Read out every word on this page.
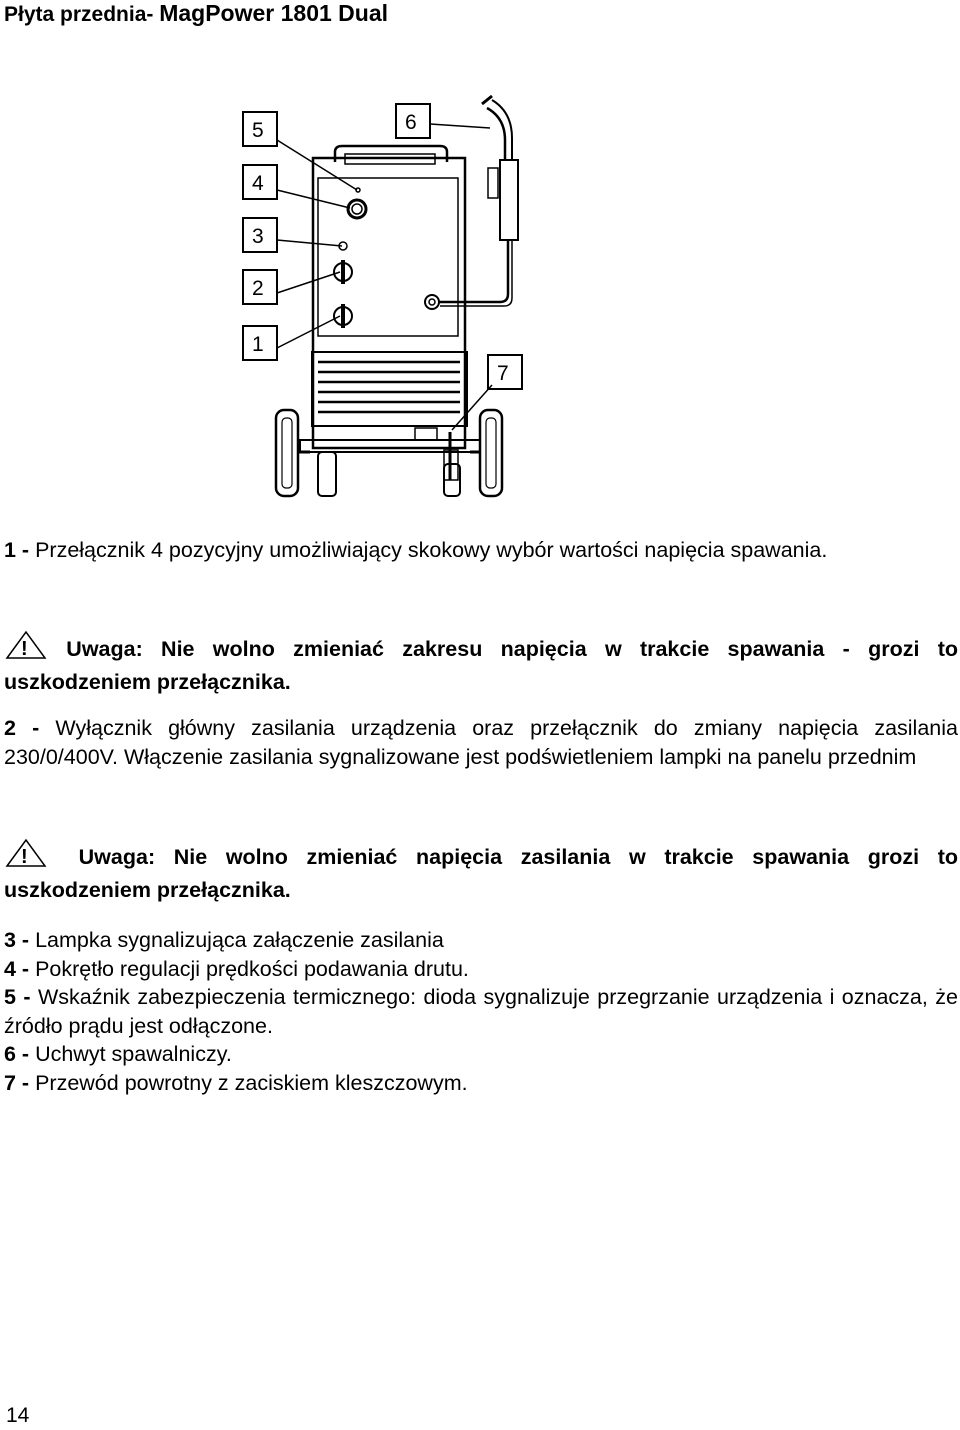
Płyta przednia- MagPower 1801 Dual
5
4
3
2
1
6
7

1 - Przełącznik 4 pozycyjny umożliwiający skokowy wybór wartości napięcia spawania.

! Uwaga: Nie wolno zmieniać zakresu napięcia w trakcie spawania - grozi to uszkodzeniem przełącznika.

2 - Wyłącznik główny zasilania urządzenia oraz przełącznik do zmiany napięcia zasilania 230/0/400V. Włączenie zasilania sygnalizowane jest podświetleniem lampki na panelu przednim

! Uwaga: Nie wolno zmieniać napięcia zasilania w trakcie spawania grozi to uszkodzeniem przełącznika.

3 - Lampka sygnalizująca załączenie zasilania
4 - Pokrętło regulacji prędkości podawania drutu.
5 - Wskaźnik zabezpieczenia termicznego: dioda sygnalizuje przegrzanie urządzenia i oznacza, że źródło prądu jest odłączone.
6 - Uchwyt spawalniczy.
7 - Przewód powrotny z zaciskiem kleszczowym.
14
